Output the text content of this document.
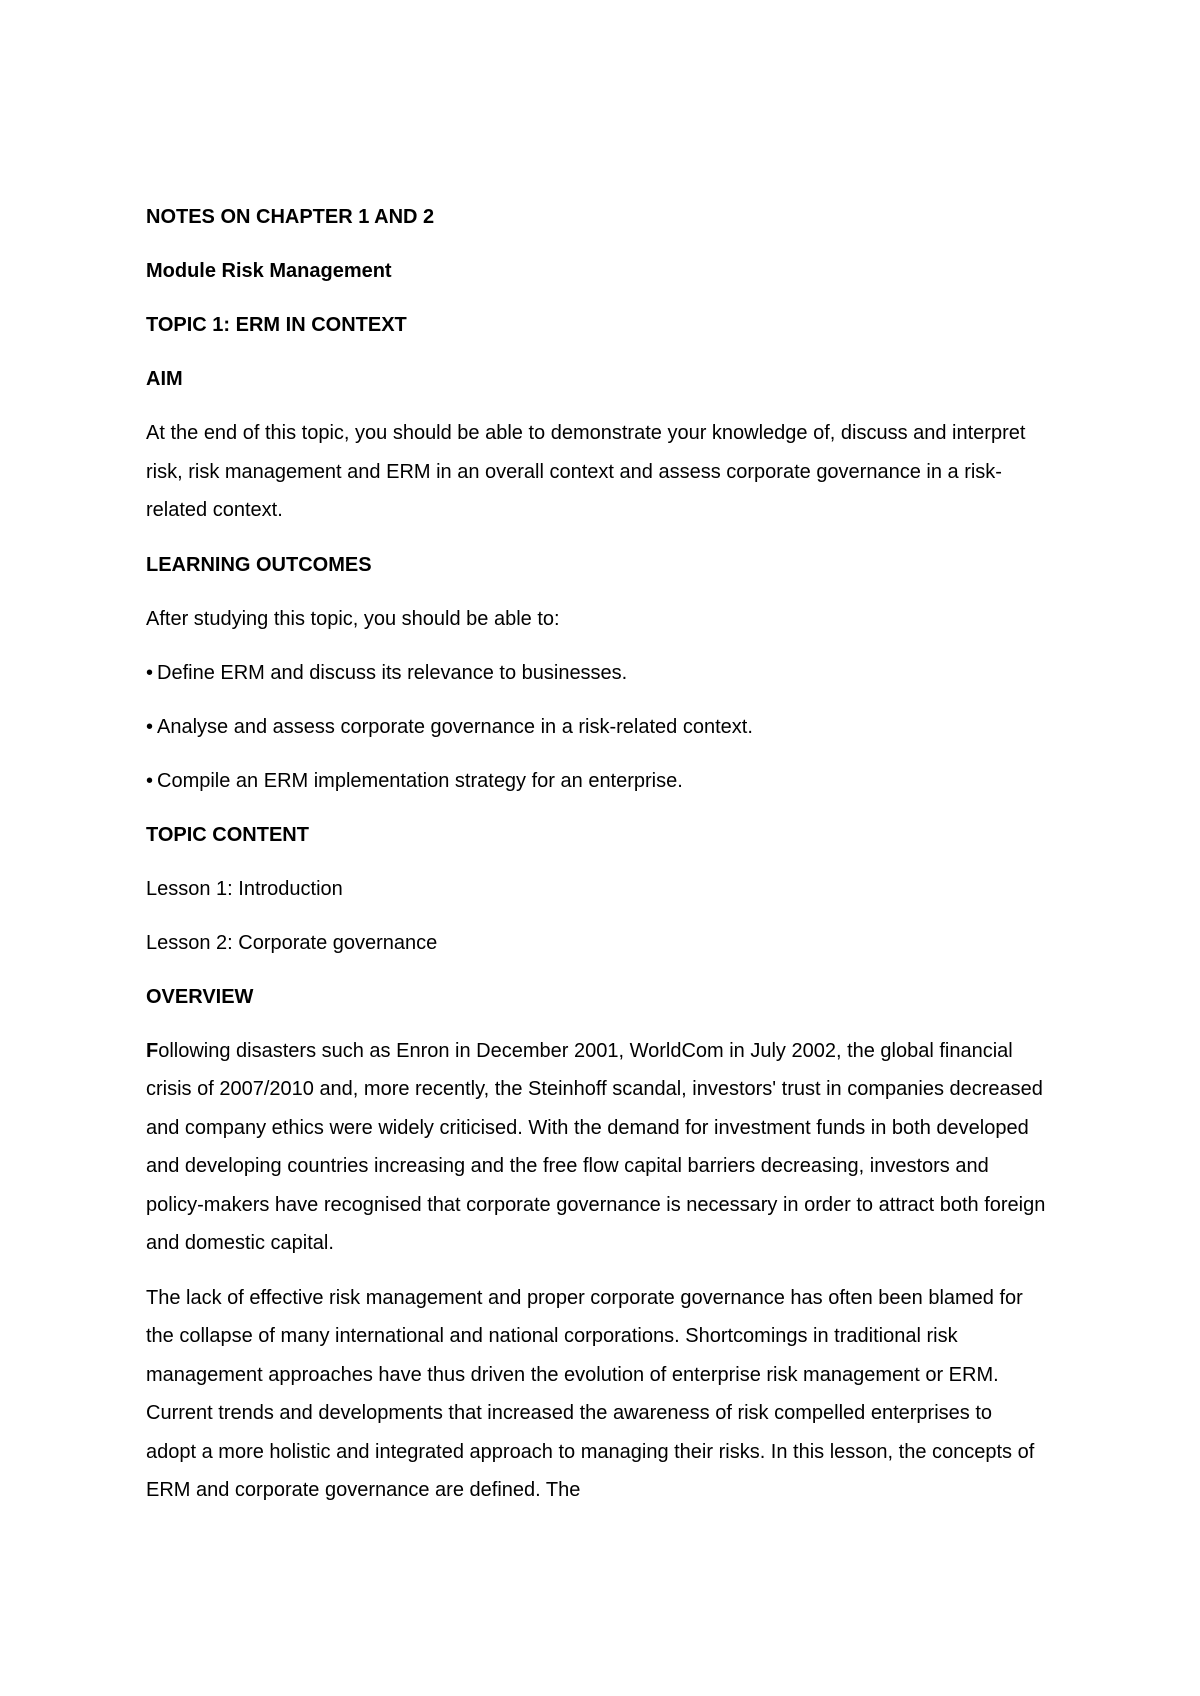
NOTES ON CHAPTER 1 AND 2

Module Risk Management

TOPIC 1: ERM IN CONTEXT

AIM

At the end of this topic, you should be able to demonstrate your knowledge of, discuss and interpret risk, risk management and ERM in an overall context and assess corporate governance in a risk-related context.

LEARNING OUTCOMES

After studying this topic, you should be able to:

• Define ERM and discuss its relevance to businesses.

• Analyse and assess corporate governance in a risk-related context.

• Compile an ERM implementation strategy for an enterprise.

TOPIC CONTENT

Lesson 1: Introduction

Lesson 2: Corporate governance

OVERVIEW

Following disasters such as Enron in December 2001, WorldCom in July 2002, the global financial crisis of 2007/2010 and, more recently, the Steinhoff scandal, investors' trust in companies decreased and company ethics were widely criticised. With the demand for investment funds in both developed and developing countries increasing and the free flow capital barriers decreasing, investors and policy-makers have recognised that corporate governance is necessary in order to attract both foreign and domestic capital.

The lack of effective risk management and proper corporate governance has often been blamed for the collapse of many international and national corporations. Shortcomings in traditional risk management approaches have thus driven the evolution of enterprise risk management or ERM. Current trends and developments that increased the awareness of risk compelled enterprises to adopt a more holistic and integrated approach to managing their risks. In this lesson, the concepts of ERM and corporate governance are defined. The
